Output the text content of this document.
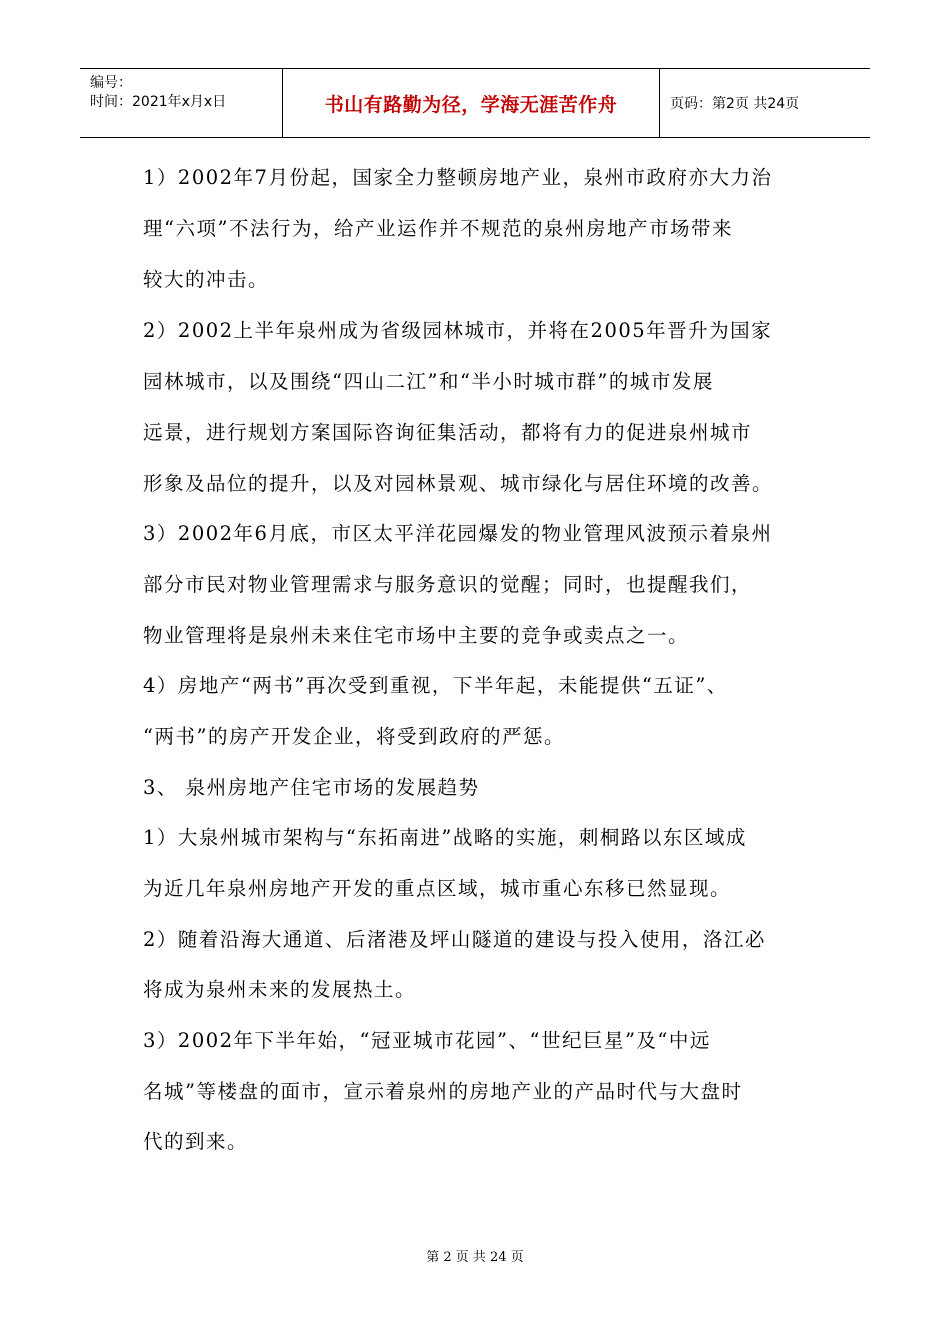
编号：
时间：2021年x月x日	书山有路勤为径，学海无涯苦作舟	页码：第2页 共24页
1）2002年7月份起，国家全力整顿房地产业，泉州市政府亦大力治
理“六项”不法行为，给产业运作并不规范的泉州房地产市场带来
较大的冲击。
2）2002上半年泉州成为省级园林城市，并将在2005年晋升为国家
园林城市，以及围绕“四山二江”和“半小时城市群”的城市发展
远景，进行规划方案国际咨询征集活动，都将有力的促进泉州城市
形象及品位的提升，以及对园林景观、城市绿化与居住环境的改善。
3）2002年6月底，市区太平洋花园爆发的物业管理风波预示着泉州
部分市民对物业管理需求与服务意识的觉醒；同时，也提醒我们，
物业管理将是泉州未来住宅市场中主要的竞争或卖点之一。
4）房地产“两书”再次受到重视，下半年起，未能提供“五证”、
“两书”的房产开发企业，将受到政府的严惩。
3、 泉州房地产住宅市场的发展趋势
1）大泉州城市架构与“东拓南进”战略的实施，刺桐路以东区域成
为近几年泉州房地产开发的重点区域，城市重心东移已然显现。
2）随着沿海大通道、后渚港及坪山隧道的建设与投入使用，洛江必
将成为泉州未来的发展热土。
3）2002年下半年始，“冠亚城市花园”、“世纪巨星”及“中远
名城”等楼盘的面市，宣示着泉州的房地产业的产品时代与大盘时
代的到来。
第 2 页 共 24 页
